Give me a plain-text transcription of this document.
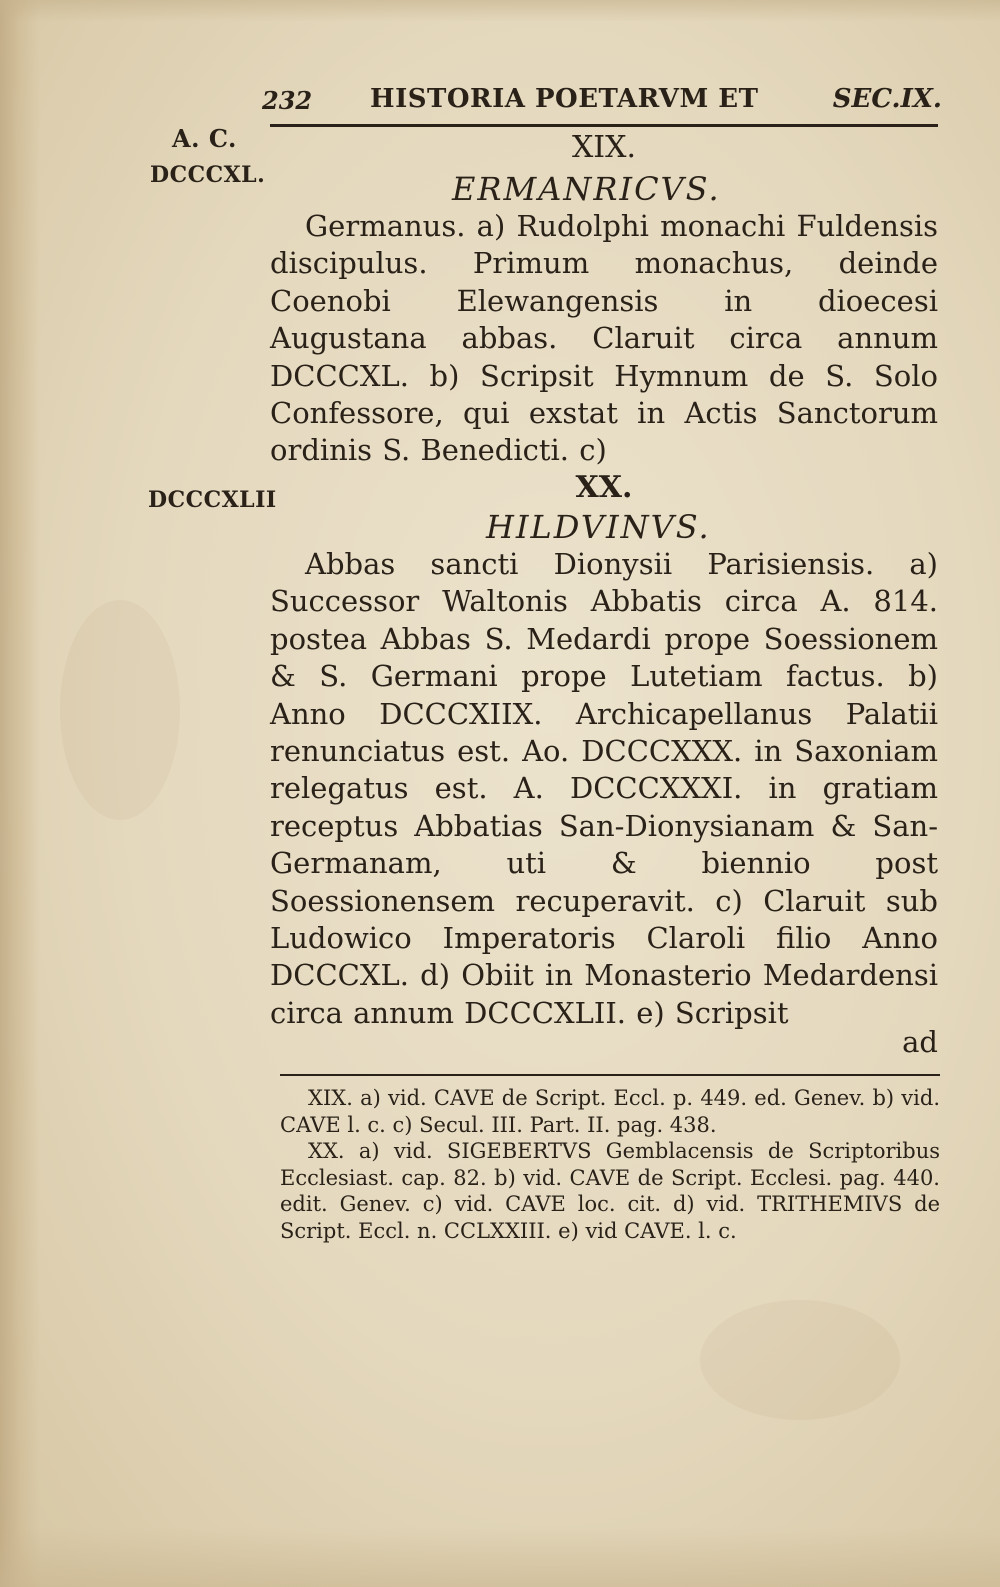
232 HISTORIA POETARVM ET	SEC.IX.
A. C.
DCCCXL.
DCCCXLII
XIX.
ERMANRICVS.

Germanus. a) Rudolphi monachi Fuldensis discipulus. Primum monachus, deinde Coenobi Elewangensis in dioecesi Augustana abbas. Claruit circa annum DCCCXL. b) Scripsit Hymnum de S. Solo Confessore, qui exstat in Actis Sanctorum ordinis S. Benedicti. c)

XX.
HILDVINVS.

Abbas sancti Dionysii Parisiensis. a) Successor Waltonis Abbatis circa A. 814. postea Abbas S. Medardi prope Soessionem & S. Germani prope Lutetiam factus. b) Anno DCCCXIIX. Archicapellanus Palatii renunciatus est. Ao. DCCCXXX. in Saxoniam relegatus est. A. DCCCXXXI. in gratiam receptus Abbatias San-Dionysianam & San-Germanam, uti & biennio post Soessionensem recuperavit. c) Claruit sub Ludowico Imperatoris Claroli filio Anno DCCCXL. d) Obiit in Monasterio Medardensi circa annum DCCCXLII. e) Scripsit

ad

XIX. a) vid. CAVE de Script. Eccl. p. 449. ed. Genev. b) vid. CAVE l. c. c) Secul. III. Part. II. pag. 438.

XX. a) vid. SIGEBERTVS Gemblacensis de Scriptoribus Ecclesiast. cap. 82. b) vid. CAVE de Script. Ecclesi. pag. 440. edit. Genev. c) vid. CAVE loc. cit. d) vid. TRITHEMIVS de Script. Eccl. n. CCLXXIII. e) vid CAVE. l. c.
